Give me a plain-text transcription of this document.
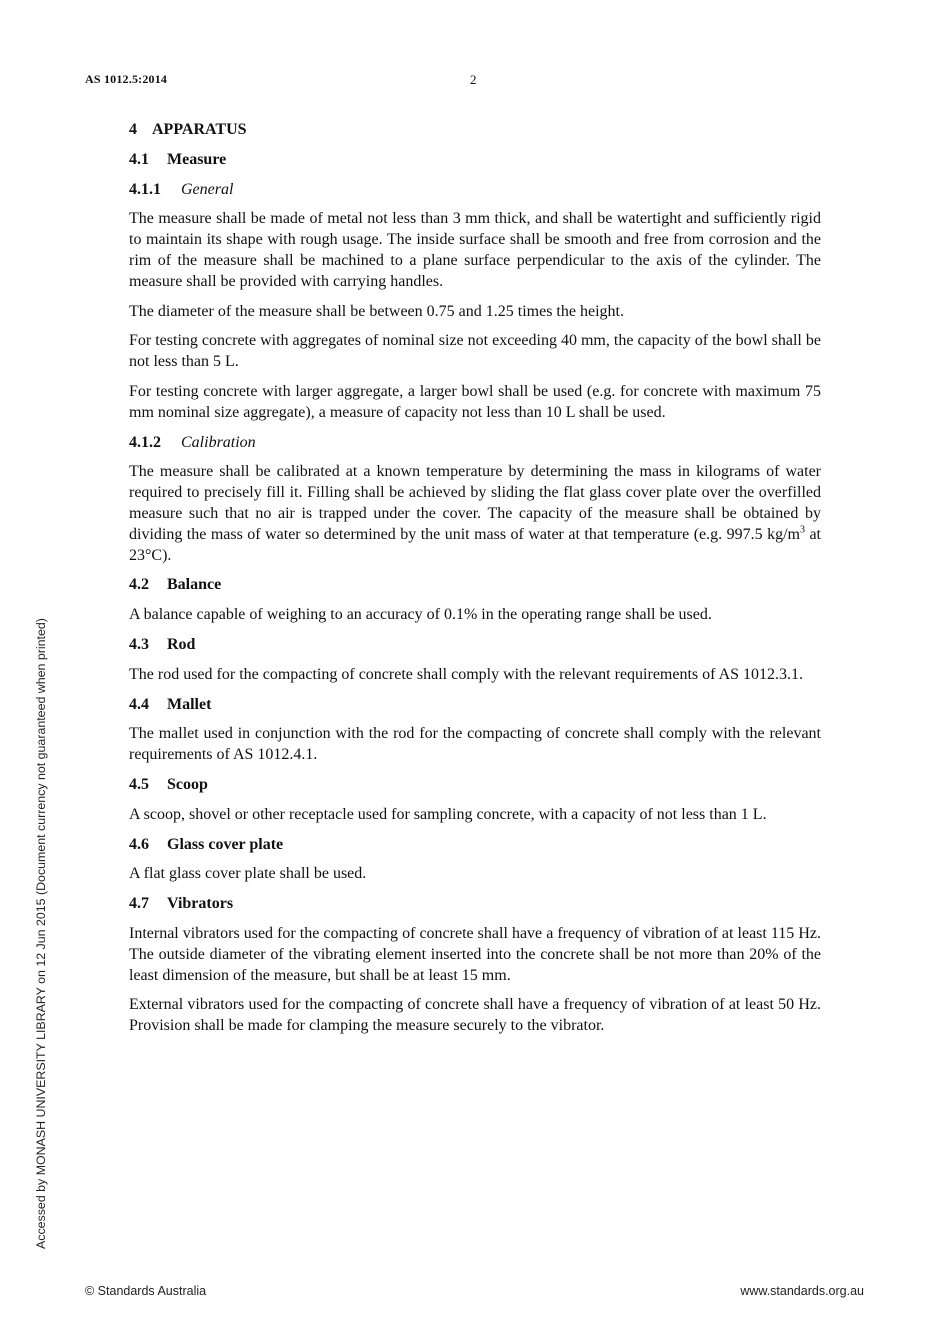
AS 1012.5:2014	2
4 APPARATUS
4.1 Measure
4.1.1 General

The measure shall be made of metal not less than 3 mm thick, and shall be watertight and sufficiently rigid to maintain its shape with rough usage. The inside surface shall be smooth and free from corrosion and the rim of the measure shall be machined to a plane surface perpendicular to the axis of the cylinder. The measure shall be provided with carrying handles.

The diameter of the measure shall be between 0.75 and 1.25 times the height.

For testing concrete with aggregates of nominal size not exceeding 40 mm, the capacity of the bowl shall be not less than 5 L.

For testing concrete with larger aggregate, a larger bowl shall be used (e.g. for concrete with maximum 75 mm nominal size aggregate), a measure of capacity not less than 10 L shall be used.

4.1.2 Calibration

The measure shall be calibrated at a known temperature by determining the mass in kilograms of water required to precisely fill it. Filling shall be achieved by sliding the flat glass cover plate over the overfilled measure such that no air is trapped under the cover. The capacity of the measure shall be obtained by dividing the mass of water so determined by the unit mass of water at that temperature (e.g. 997.5 $kg/m^3$ at 23°C).

4.2 Balance

A balance capable of weighing to an accuracy of 0.1% in the operating range shall be used.

4.3 Rod

The rod used for the compacting of concrete shall comply with the relevant requirements of AS 1012.3.1.

4.4 Mallet

The mallet used in conjunction with the rod for the compacting of concrete shall comply with the relevant requirements of AS 1012.4.1.

4.5 Scoop

A scoop, shovel or other receptacle used for sampling concrete, with a capacity of not less than 1 L.

4.6 Glass cover plate

A flat glass cover plate shall be used.

4.7 Vibrators

Internal vibrators used for the compacting of concrete shall have a frequency of vibration of at least 115 Hz. The outside diameter of the vibrating element inserted into the concrete shall be not more than 20% of the least dimension of the measure, but shall be at least 15 mm.

External vibrators used for the compacting of concrete shall have a frequency of vibration of at least 50 Hz. Provision shall be made for clamping the measure securely to the vibrator.

Accessed by MONASH UNIVERSITY LIBRARY on 12 Jun 2015 (Document currency not guaranteed when printed)
© Standards Australia	www.standards.org.au
